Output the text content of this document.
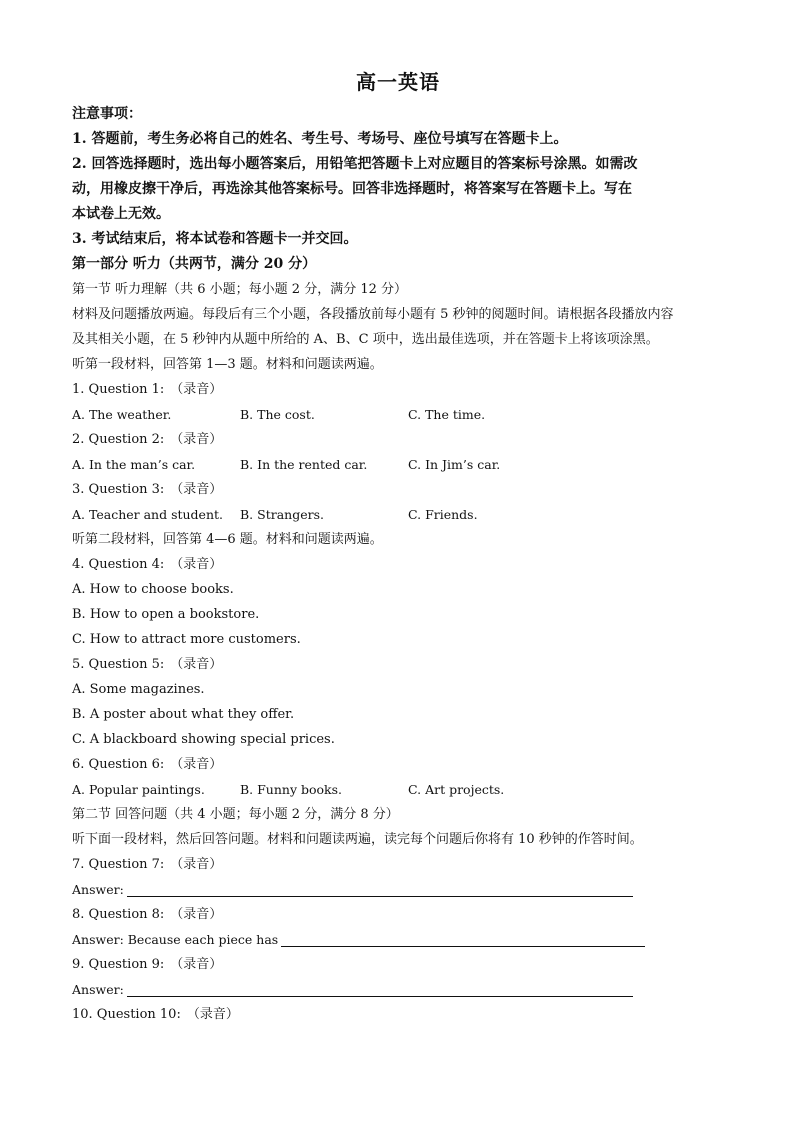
高一英语
注意事项：
1. 答题前，考生务必将自己的姓名、考生号、考场号、座位号填写在答题卡上。
2. 回答选择题时，选出每小题答案后，用铅笔把答题卡上对应题目的答案标号涂黑。如需改
动，用橡皮擦干净后，再选涂其他答案标号。回答非选择题时，将答案写在答题卡上。写在
本试卷上无效。
3. 考试结束后，将本试卷和答题卡一并交回。
第一部分 听力（共两节，满分 20 分）
第一节 听力理解（共 6 小题；每小题 2 分，满分 12 分）
材料及问题播放两遍。每段后有三个小题，各段播放前每小题有 5 秒钟的阅题时间。请根据各段播放内容
及其相关小题，在 5 秒钟内从题中所给的 A、B、C 项中，选出最佳选项，并在答题卡上将该项涂黑。
听第一段材料，回答第 1—3 题。材料和问题读两遍。
1. Question 1: （录音）
A. The weather.	B. The cost.	C. The time.
2. Question 2: （录音）
A. In the man’s car.	B. In the rented car.	C. In Jim’s car.
3. Question 3: （录音）
A. Teacher and student.	B. Strangers.	C. Friends.
听第二段材料，回答第 4—6 题。材料和问题读两遍。
4. Question 4: （录音）
A. How to choose books.
B. How to open a bookstore.
C. How to attract more customers.
5. Question 5: （录音）
A. Some magazines.
B. A poster about what they offer.
C. A blackboard showing special prices.
6. Question 6: （录音）
A. Popular paintings.	B. Funny books.	C. Art projects.
第二节 回答问题（共 4 小题；每小题 2 分，满分 8 分）
听下面一段材料，然后回答问题。材料和问题读两遍，读完每个问题后你将有 10 秒钟的作答时间。
7. Question 7: （录音）
Answer:
8. Question 8: （录音）
Answer: Because each piece has
9. Question 9: （录音）
Answer:
10. Question 10: （录音）
